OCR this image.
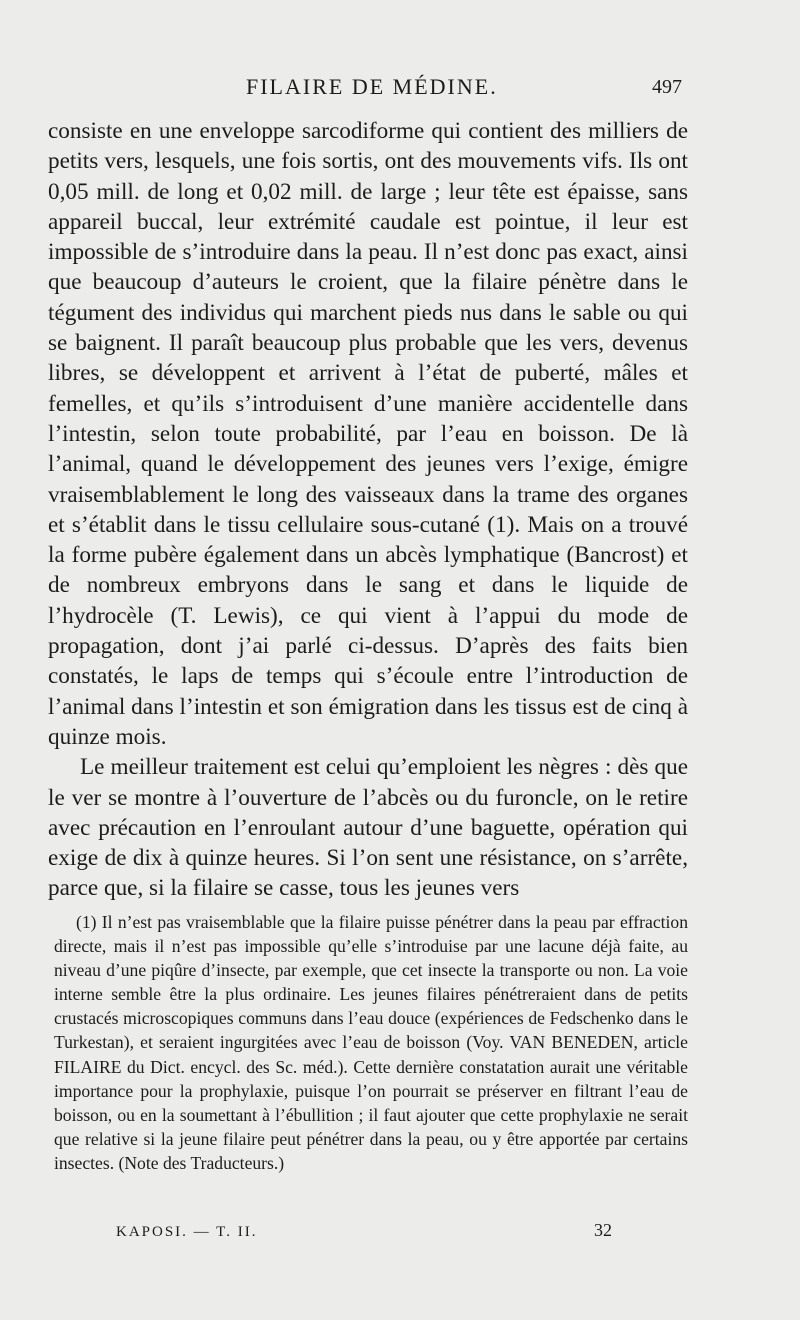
FILAIRE DE MÉDINE.	497

consiste en une enveloppe sarcodiforme qui contient des milliers de petits vers, lesquels, une fois sortis, ont des mouvements vifs. Ils ont 0,05 mill. de long et 0,02 mill. de large ; leur tête est épaisse, sans appareil buccal, leur extrémité caudale est pointue, il leur est impossible de s’introduire dans la peau. Il n’est donc pas exact, ainsi que beaucoup d’auteurs le croient, que la filaire pénètre dans le tégument des individus qui marchent pieds nus dans le sable ou qui se baignent. Il paraît beaucoup plus probable que les vers, devenus libres, se développent et arrivent à l’état de puberté, mâles et femelles, et qu’ils s’introduisent d’une manière accidentelle dans l’intestin, selon toute probabilité, par l’eau en boisson. De là l’animal, quand le développement des jeunes vers l’exige, émigre vraisemblablement le long des vaisseaux dans la trame des organes et s’établit dans le tissu cellulaire sous-cutané (1). Mais on a trouvé la forme pubère également dans un abcès lymphatique (Bancrost) et de nombreux embryons dans le sang et dans le liquide de l’hydrocèle (T. Lewis), ce qui vient à l’appui du mode de propagation, dont j’ai parlé ci-dessus. D’après des faits bien constatés, le laps de temps qui s’écoule entre l’introduction de l’animal dans l’intestin et son émigration dans les tissus est de cinq à quinze mois.

Le meilleur traitement est celui qu’emploient les nègres : dès que le ver se montre à l’ouverture de l’abcès ou du furoncle, on le retire avec précaution en l’enroulant autour d’une baguette, opération qui exige de dix à quinze heures. Si l’on sent une résistance, on s’arrête, parce que, si la filaire se casse, tous les jeunes vers

(1) Il n’est pas vraisemblable que la filaire puisse pénétrer dans la peau par effraction directe, mais il n’est pas impossible qu’elle s’introduise par une lacune déjà faite, au niveau d’une piqûre d’insecte, par exemple, que cet insecte la transporte ou non. La voie interne semble être la plus ordinaire. Les jeunes filaires pénétreraient dans de petits crustacés microscopiques communs dans l’eau douce (expériences de Fedschenko dans le Turkestan), et seraient ingurgitées avec l’eau de boisson (Voy. VAN BENEDEN, article FILAIRE du Dict. encycl. des Sc. méd.). Cette dernière constatation aurait une véritable importance pour la prophylaxie, puisque l’on pourrait se préserver en filtrant l’eau de boisson, ou en la soumettant à l’ébullition ; il faut ajouter que cette prophylaxie ne serait que relative si la jeune filaire peut pénétrer dans la peau, ou y être apportée par certains insectes. (Note des Traducteurs.)

KAPOSI. — T. II.	32
